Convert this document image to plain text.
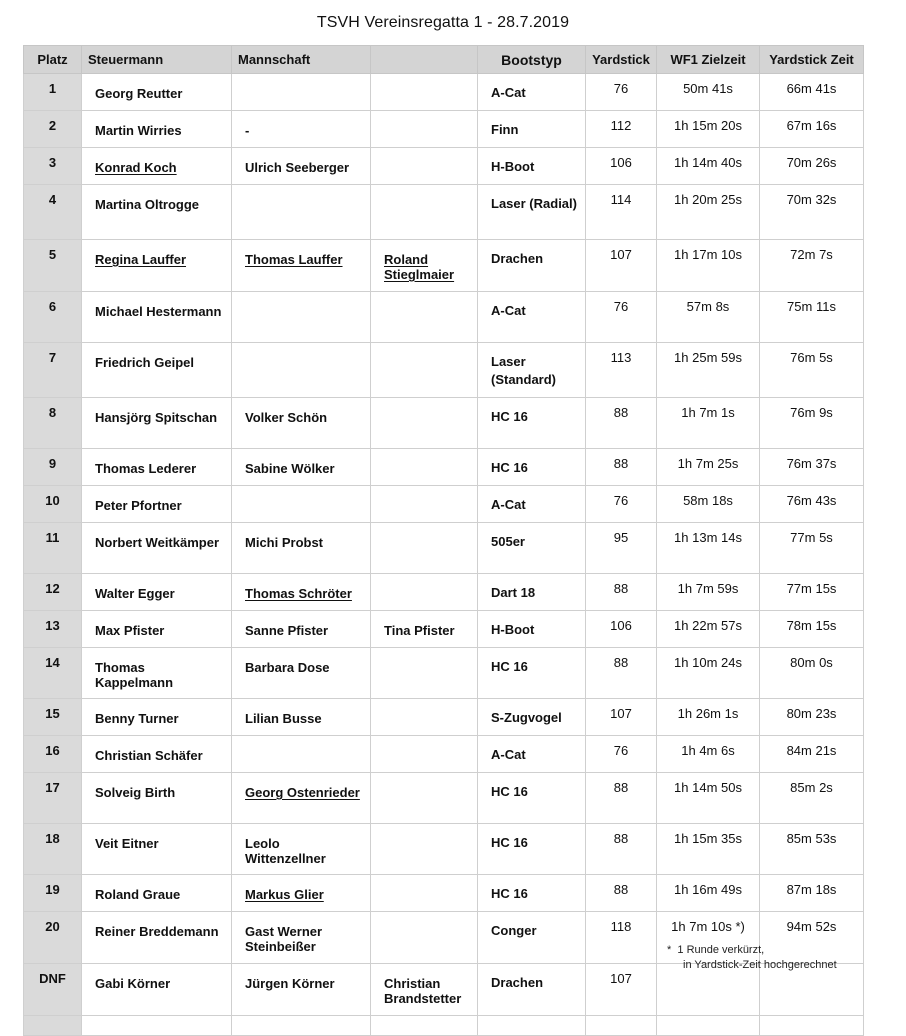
TSVH Vereinsregatta 1 - 28.7.2019
Platz	Steuermann	Mannschaft		Bootstyp	Yardstick	WF1 Zielzeit	Yardstick Zeit
1	Georg Reutter			A-Cat	76	50m 41s	66m 41s
2	Martin Wirries	-		Finn	112	1h 15m 20s	67m 16s
3	Konrad Koch	Ulrich Seeberger		H-Boot	106	1h 14m 40s	70m 26s
4	Martina Oltrogge			Laser (Radial)	114	1h 20m 25s	70m 32s
5	Regina Lauffer	Thomas Lauffer	Roland Stieglmaier	Drachen	107	1h 17m 10s	72m 7s
6	Michael Hestermann			A-Cat	76	57m 8s	75m 11s
7	Friedrich Geipel			Laser (Standard)	113	1h 25m 59s	76m 5s
8	Hansjörg Spitschan	Volker Schön		HC 16	88	1h 7m 1s	76m 9s
9	Thomas Lederer	Sabine Wölker		HC 16	88	1h 7m 25s	76m 37s
10	Peter Pfortner			A-Cat	76	58m 18s	76m 43s
11	Norbert Weitkämper	Michi Probst		505er	95	1h 13m 14s	77m 5s
12	Walter Egger	Thomas Schröter		Dart 18	88	1h 7m 59s	77m 15s
13	Max Pfister	Sanne Pfister	Tina Pfister	H-Boot	106	1h 22m 57s	78m 15s
14	Thomas Kappelmann	Barbara Dose		HC 16	88	1h 10m 24s	80m 0s
15	Benny Turner	Lilian Busse		S-Zugvogel	107	1h 26m 1s	80m 23s
16	Christian Schäfer			A-Cat	76	1h 4m 6s	84m 21s
17	Solveig Birth	Georg Ostenrieder		HC 16	88	1h 14m 50s	85m 2s
18	Veit Eitner	Leolo Wittenzellner		HC 16	88	1h 15m 35s	85m 53s
19	Roland Graue	Markus Glier		HC 16	88	1h 16m 49s	87m 18s
20	Reiner Breddemann	Gast Werner Steinbeißer		Conger	118	1h 7m 10s *)	94m 52s
DNF	Gabi Körner	Jürgen Körner	Christian Brandstetter	Drachen	107		

*  1 Runde verkürzt,
in Yardstick-Zeit hochgerechnet
